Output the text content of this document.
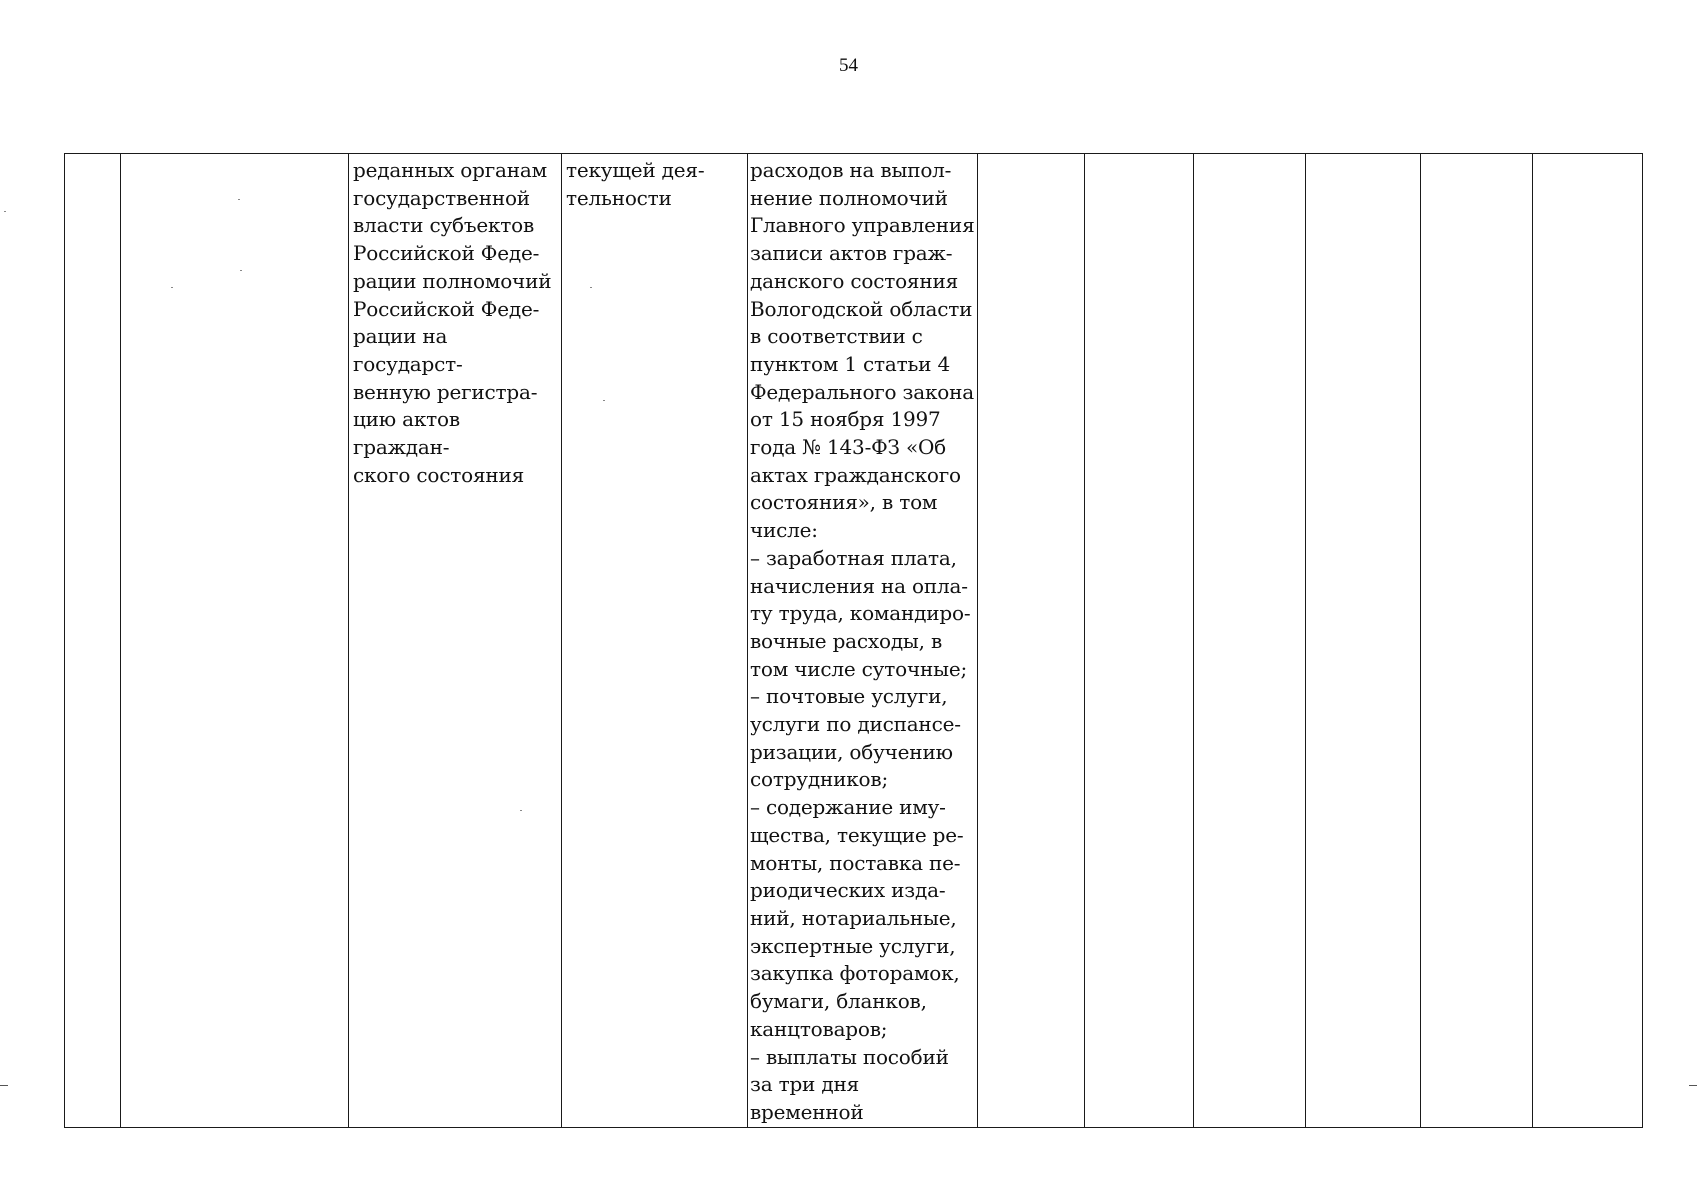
54
		реданных органам
государственной
власти субъектов
Российской Феде-
рации полномочий
Российской Феде-
рации на государст-
венную регистра-
цию актов граждан-
ского состояния	текущей дея-
тельности	расходов на выпол-
нение полномочий
Главного управления
записи актов граж-
данского состояния
Вологодской области
в соответствии с
пунктом 1 статьи 4
Федерального закона
от 15 ноября 1997
года № 143-ФЗ «Об
актах гражданского
состояния», в том
числе:
– заработная плата,
начисления на опла-
ту труда, командиро-
вочные расходы, в
том числе суточные;
– почтовые услуги,
услуги по диспансе-
ризации, обучению
сотрудников;
– содержание иму-
щества, текущие ре-
монты, поставка пе-
риодических изда-
ний, нотариальные,
экспертные услуги,
закупка фоторамок,
бумаги, бланков,
канцтоваров;
– выплаты пособий
за три дня временной						
